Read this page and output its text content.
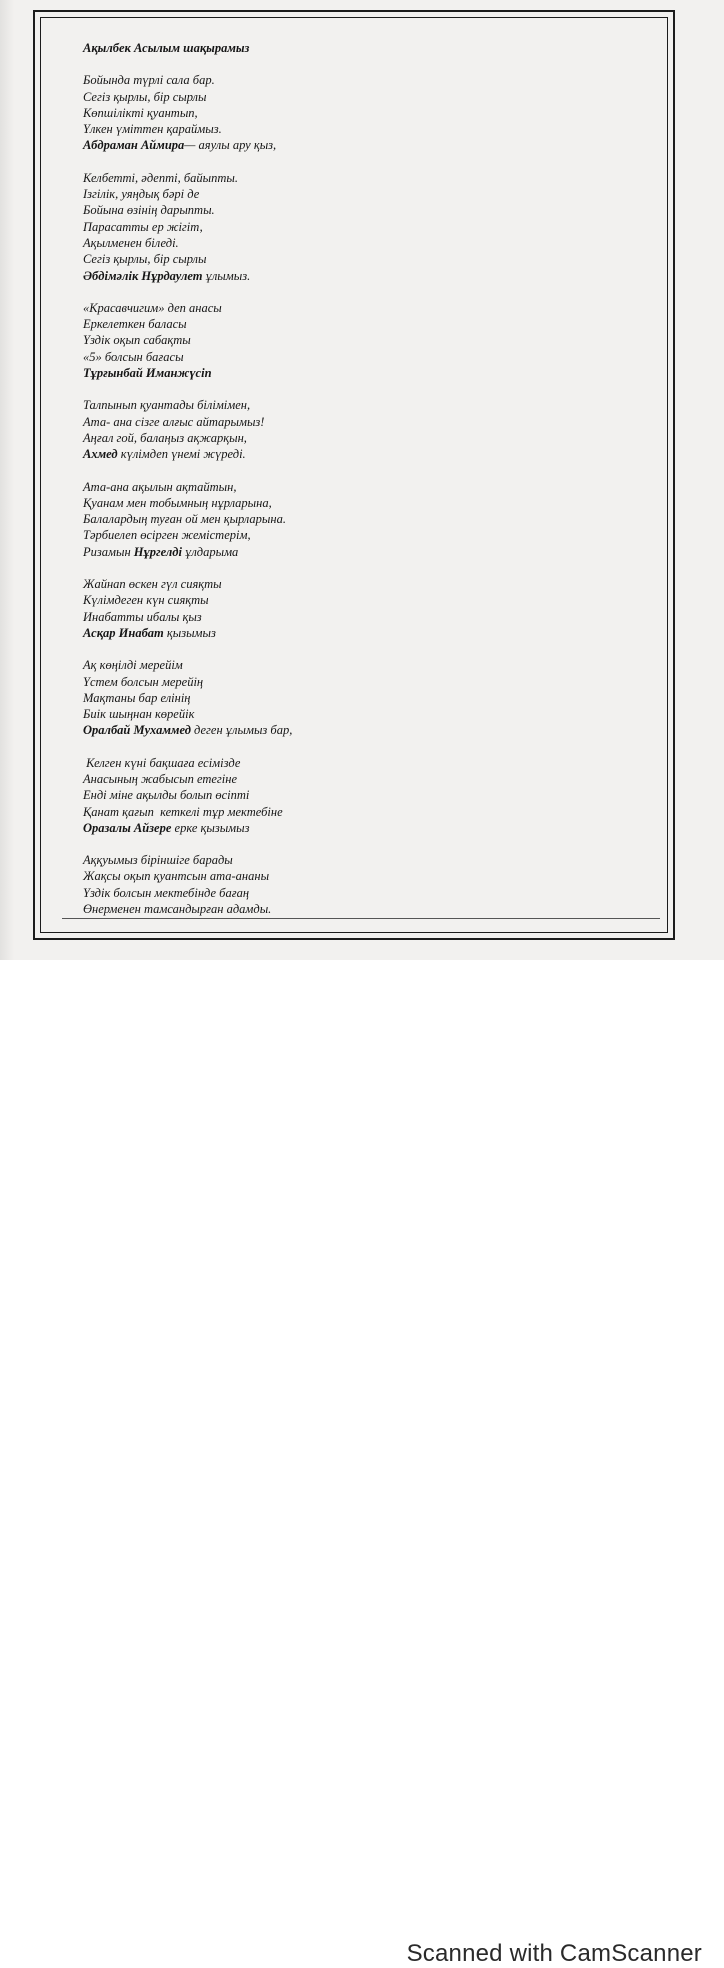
Ақылбек Асылым шақырамыз
Бойында түрлі сала бар.
Сегіз қырлы, бір сырлы
Көпшілікті қуантып,
Үлкен үміттен қараймыз.
Абдраман Аймира— аяулы ару қыз,
Келбетті, әдепті, байыпты.
Ізгілік, уяңдық бәрі де
Бойына өзінің дарыпты.
Парасатты ер жігіт,
Ақылменен біледі.
Сегіз қырлы, бір сырлы
Әбдімәлік Нұрдаулет ұлымыз.
«Красавчигим» деп анасы
Еркелеткен баласы
Үздік оқып сабақты
«5» болсын бағасы
Тұрғынбай Иманжүсіп
Талпынып қуантады білімімен,
Ата- ана сізге алғыс айтарымыз!
Аңғал гой, балаңыз ақжарқын,
Ахмед күлімдеп үнемі жүреді.
Ата-ана ақылын ақтайтын,
Қуанам мен тобымның нұрларына,
Балалардың туған ой мен қырларына.
Тәрбиелеп өсірген жемістерім,
Ризамын Нұргелді ұлдарыма
Жайнап өскен гүл сияқты
Күлімдеген күн сияқты
Инабатты ибалы қыз
Асқар Инабат қызымыз
Ақ көңілді мерейім
Үстем болсын мерейің
Мақтаны бар елінің
Биік шыңнан көрейік
Оралбай Мухаммед деген ұлымыз бар,
Келген күні бақшаға есімізде
Анасының жабысып етегіне
Енді міне ақылды болып өсіпті
Қанат қағып  кеткелі тұр мектебіне
Оразалы Айзере ерке қызымыз
Аққуымыз біріншіге барады
Жақсы оқып қуантсын ата-ананы
Үздік болсын мектебінде бағаң
Өнерменен тамсандырған адамды.
Scanned with CamScanner
